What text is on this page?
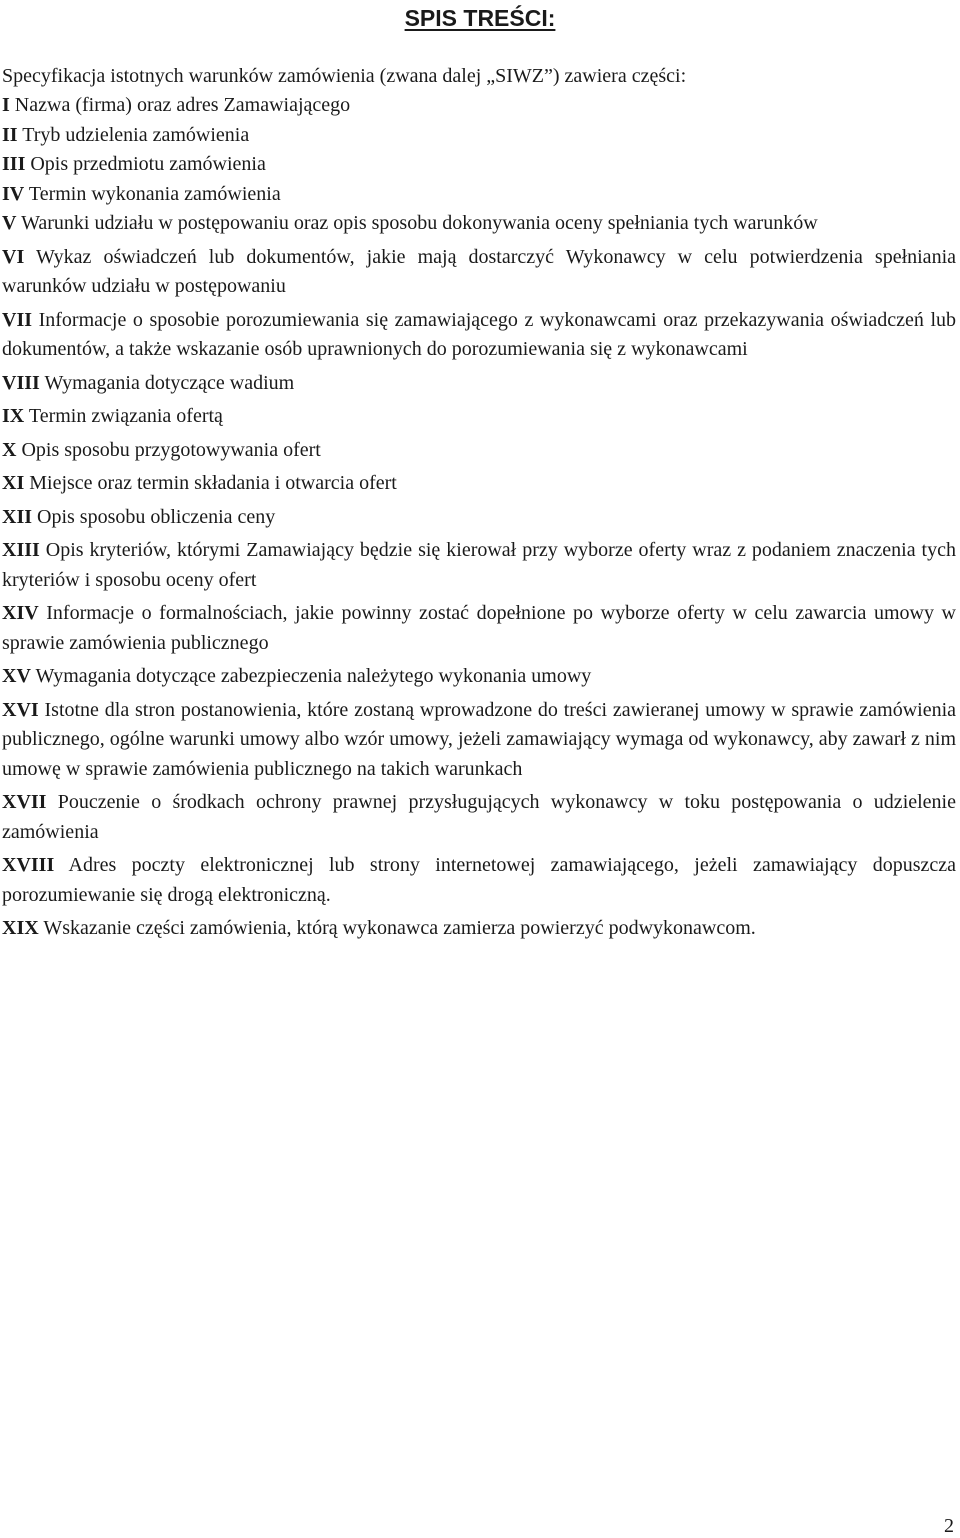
SPIS TREŚCI:
Specyfikacja istotnych warunków zamówienia (zwana dalej „SIWZ”) zawiera części:
I Nazwa (firma) oraz adres Zamawiającego
II Tryb udzielenia zamówienia
III Opis przedmiotu zamówienia
IV Termin wykonania zamówienia
V Warunki udziału w postępowaniu oraz opis sposobu dokonywania oceny spełniania tych warunków
VI Wykaz oświadczeń lub dokumentów, jakie mają dostarczyć Wykonawcy w celu potwierdzenia spełniania warunków udziału w postępowaniu
VII Informacje o sposobie porozumiewania się zamawiającego z wykonawcami oraz przekazywania oświadczeń lub dokumentów, a także wskazanie osób uprawnionych do porozumiewania się z wykonawcami
VIII Wymagania dotyczące wadium
IX Termin związania ofertą
X Opis sposobu przygotowywania ofert
XI Miejsce oraz termin składania i otwarcia ofert
XII Opis sposobu obliczenia ceny
XIII Opis kryteriów, którymi Zamawiający będzie się kierował przy wyborze oferty wraz z podaniem znaczenia tych kryteriów i sposobu oceny ofert
XIV Informacje o formalnościach, jakie powinny zostać dopełnione po wyborze oferty w celu zawarcia umowy w sprawie zamówienia publicznego
XV Wymagania dotyczące zabezpieczenia należytego wykonania umowy
XVI Istotne dla stron postanowienia, które zostaną wprowadzone do treści zawieranej umowy w sprawie zamówienia publicznego, ogólne warunki umowy albo wzór umowy, jeżeli zamawiający wymaga od wykonawcy, aby zawarł z nim umowę w sprawie zamówienia publicznego na takich warunkach
XVII Pouczenie o środkach ochrony prawnej przysługujących wykonawcy w toku postępowania o udzielenie zamówienia
XVIII Adres poczty elektronicznej lub strony internetowej zamawiającego, jeżeli zamawiający dopuszcza porozumiewanie się drogą elektroniczną.
XIX Wskazanie części zamówienia, którą wykonawca zamierza powierzyć podwykonawcom.
2
